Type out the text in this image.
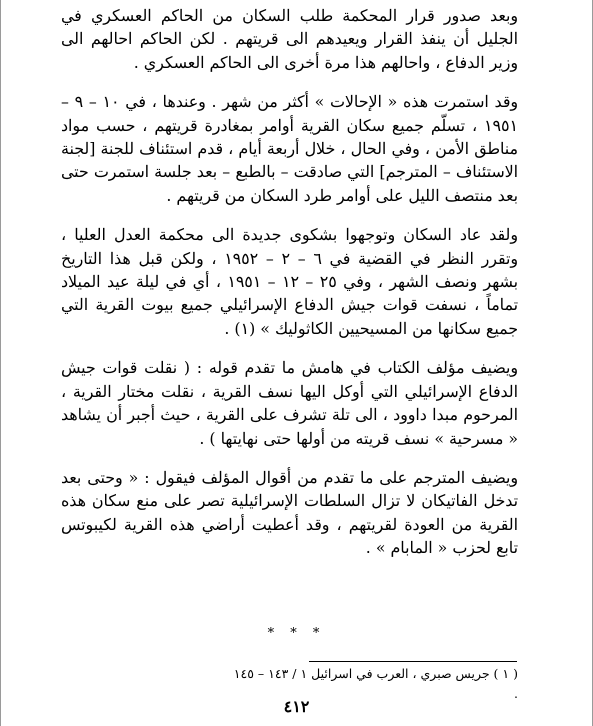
وبعد صدور قرار المحكمة طلب السكان من الحاكم العسكري في الجليل أن ينفذ القرار ويعيدهم الى قريتهم . لكن الحاكم احالهم الى وزير الدفاع ، واحالهم هذا مرة أخرى الى الحاكم العسكري .

وقد استمرت هذه « الإحالات » أكثر من شهر . وعندها ، في ١٠ – ٩ – ١٩٥١ ، تسلّم جميع سكان القرية أوامر بمغادرة قريتهم ، حسب مواد مناطق الأمن ، وفي الحال ، خلال أربعة أيام ، قدم استئناف للجنة [لجنة الاستئناف – المترجم] التي صادقت – بالطبع – بعد جلسة استمرت حتى بعد منتصف الليل على أوامر طرد السكان من قريتهم .

ولقد عاد السكان وتوجهوا بشكوى جديدة الى محكمة العدل العليا ، وتقرر النظر في القضية في ٦ – ٢ – ١٩٥٢ ، ولكن قبل هذا التاريخ بشهر ونصف الشهر ، وفي ٢٥ – ١٢ – ١٩٥١ ، أي في ليلة عيد الميلاد تماماً ، نسفت قوات جيش الدفاع الإسرائيلي جميع بيوت القرية التي جميع سكانها من المسيحيين الكاثوليك » (١) .

ويضيف مؤلف الكتاب في هامش ما تقدم قوله : ( نقلت قوات جيش الدفاع الإسرائيلي التي أوكل اليها نسف القرية ، نقلت مختار القرية ، المرحوم مبدا داوود ، الى تلة تشرف على القرية ، حيث أجبر أن يشاهد « مسرحية » نسف قريته من أولها حتى نهايتها ) .

ويضيف المترجم على ما تقدم من أقوال المؤلف فيقول : « وحتى بعد تدخل الفاتيكان لا تزال السلطات الإسرائيلية تصر على منع سكان هذه القرية من العودة لقريتهم ، وقد أعطيت أراضي هذه القرية لكيبوتس تابع لحزب « المابام » .

* * *
( ١ ) جريس صبري ، العرب في اسرائيل ١ / ١٤٣ – ١٤٥ .
٤١٢
